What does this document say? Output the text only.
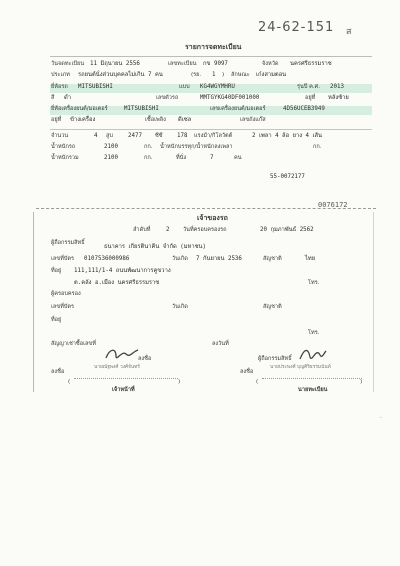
24-62-151 ส
รายการจดทะเบียน
วันจดทะเบียน 11 มิถุนายน 2556	เลขทะเบียน กข 9097	จังหวัด นครศรีธรรมราช
ประเภท รถยนต์นั่งส่วนบุคคลไม่เกิน 7 คน	(รย. 1 ) ลักษณะ เก๋งสามตอน
ยี่ห้อรถ MITSUBISHI	แบบ KG4WGYMHRU	รุ่นปี ค.ศ. 2013
สี ดำ	เลขตัวรถ	MMTGYKG40DF001000	อยู่ที่ หลังซ้าย
ยี่ห้อเครื่องยนต์/มอเตอร์	MITSUBISHI	เลขเครื่องยนต์/มอเตอร์	4D56UCEB3949
อยู่ที่ ข้างเครื่อง	เชื้อเพลิง ดีเซล	เลขถังแก๊ส
จำนวน	4 สูบ	2477 ซีซี 178 แรงม้า/กิโลวัตต์	2 เพลา 4 ล้อ ยาง 4 เส้น
น้ำหนักรถ	2100	กก. น้ำหนักบรรทุก/น้ำหนักลงเพลา	กก.
น้ำหนักรวม	2100	กก.	ที่นั่ง	7	คน
55-0072177
0076172
เจ้าของรถ
ลำดับที่	2 วันที่ครอบครองรถ	20 กุมภาพันธ์ 2562
ผู้ถือกรรมสิทธิ์
ธนาคาร เกียรตินาคิน จำกัด (มหาชน)
เลขที่บัตร 0107536000986	วันเกิด 7 กันยายน 2536	สัญชาติ	ไทย
ที่อยู่ 111,111/1-4 ถนนพัฒนาการคูขวาง
ต.คลัง อ.เมือง นครศรีธรรมราช	โทร.
ผู้ครอบครอง
เลขที่บัตร	วันเกิด	สัญชาติ
ที่อยู่
โทร.
สัญญาเช่าซื้อเลขที่	ลงวันที่
ลงชื่อ	ผู้ถือกรรมสิทธิ์
ลงชื่อ	ลงชื่อ
นายณัฐพงศ์ วงศ์จันทร์	นายประพงศ์ บุญศิริธรรมนันท์
(	)	(	)
เจ้าหน้าที่	นายทะเบียน
·
